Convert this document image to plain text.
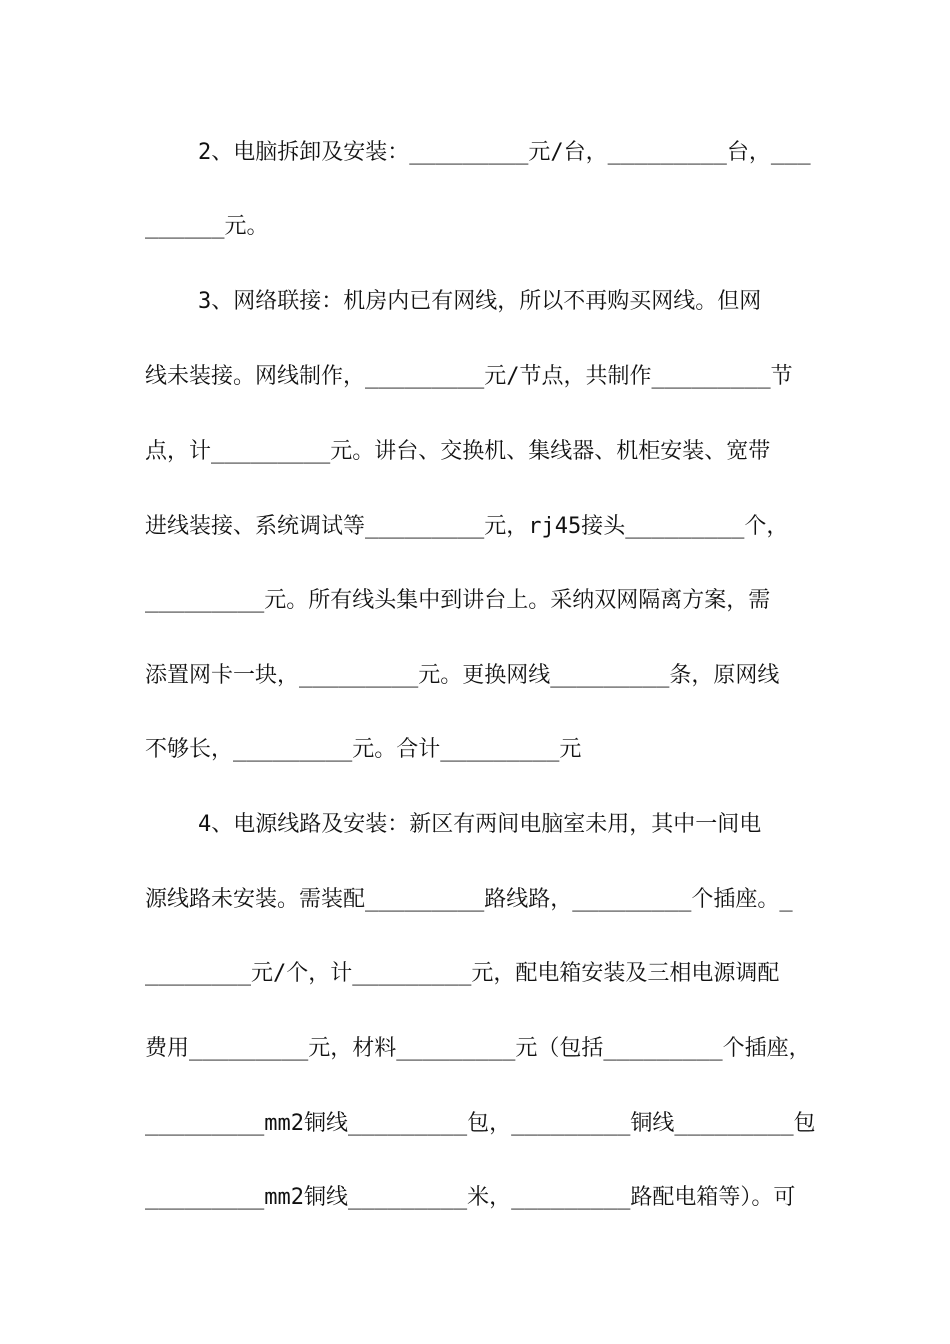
2、电脑拆卸及安装：_________元/台，_________台，___
______元。
3、网络联接：机房内已有网线，所以不再购买网线。但网
线未装接。网线制作，_________元/节点，共制作_________节
点，计_________元。讲台、交换机、集线器、机柜安装、宽带
进线装接、系统调试等_________元，rj45接头_________个，
_________元。所有线头集中到讲台上。采纳双网隔离方案，需
添置网卡一块，_________元。更换网线_________条，原网线
不够长，_________元。合计_________元
4、电源线路及安装：新区有两间电脑室未用，其中一间电
源线路未安装。需装配_________路线路，_________个插座。_
________元/个，计_________元，配电箱安装及三相电源调配
费用_________元，材料_________元（包括_________个插座，
_________mm2铜线_________包，_________铜线_________包
_________mm2铜线_________米，_________路配电箱等）。可
